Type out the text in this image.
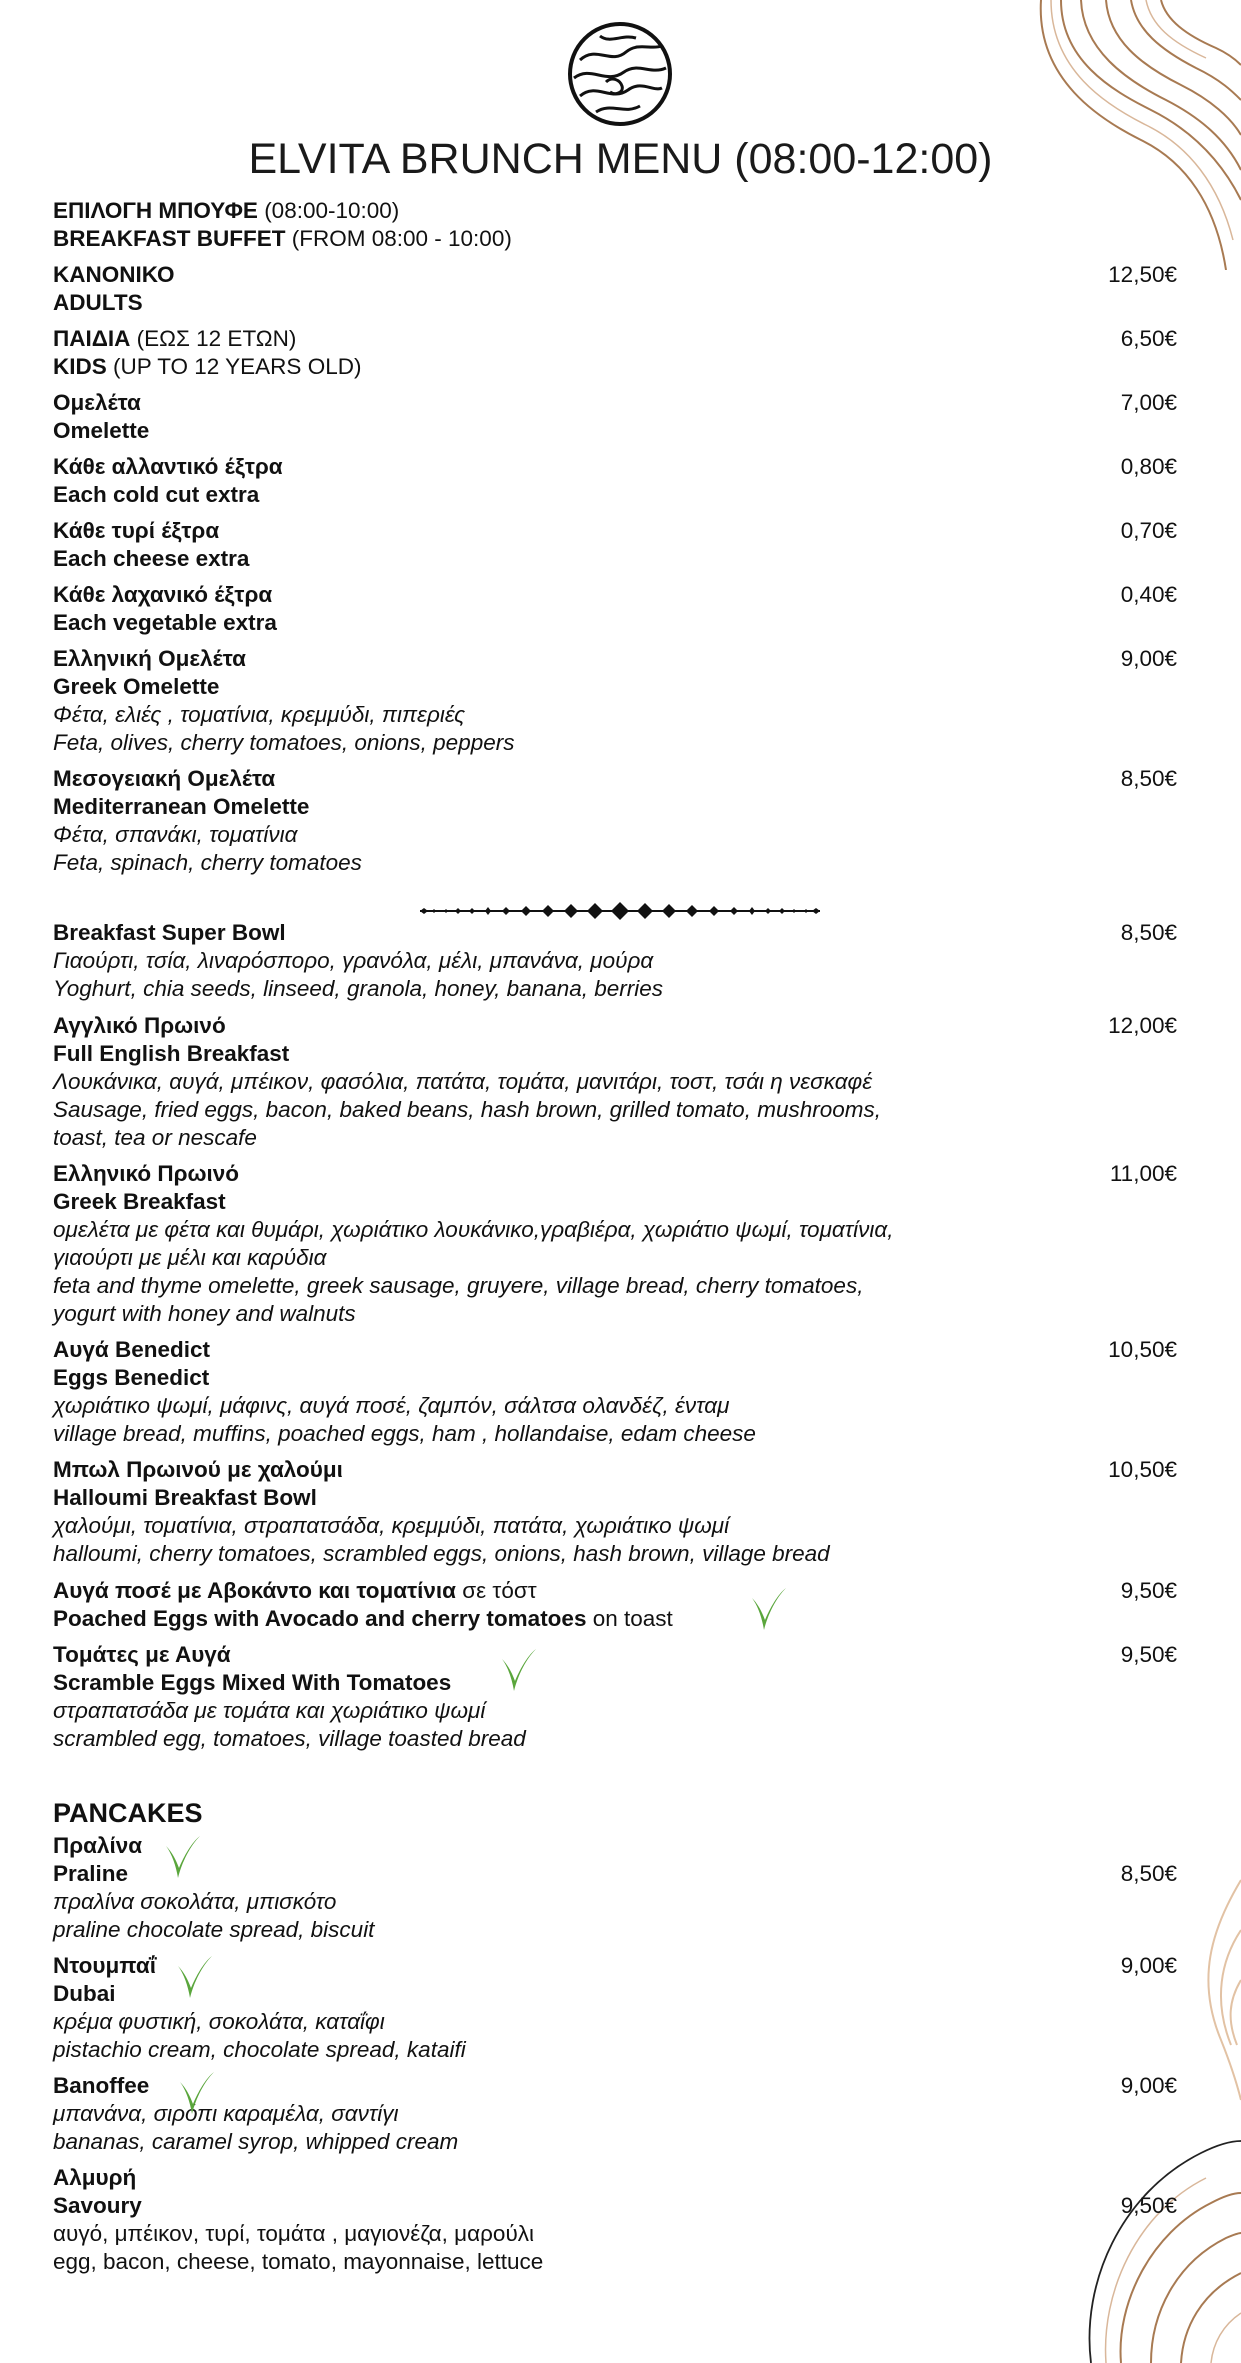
ELVITA BRUNCH MENU (08:00-12:00)
ΕΠΙΛΟΓΗ ΜΠΟΥΦΕ (08:00-10:00)
BREAKFAST BUFFET (FROM 08:00 - 10:00)
ΚΑΝΟΝΙΚΟ
ADULTS
12,50€
ΠΑΙΔΙΑ (ΕΩΣ 12 ΕΤΩΝ)
KIDS (UP TO 12 YEARS OLD)
6,50€
Ομελέτα
Omelette
7,00€
Κάθε αλλαντικό έξτρα
Each cold cut extra
0,80€
Κάθε τυρί έξτρα
Each cheese extra
0,70€
Κάθε λαχανικό έξτρα
Each vegetable extra
0,40€
Ελληνική Ομελέτα
Greek Omelette
Φέτα, ελιές , τοματίνια, κρεμμύδι, πιπεριές
Feta, olives, cherry tomatoes, onions, peppers
9,00€
Μεσογειακή Ομελέτα
Mediterranean Omelette
Φέτα, σπανάκι, τοματίνια
Feta, spinach, cherry tomatoes
8,50€
Breakfast Super Bowl
Γιαούρτι, τσία, λιναρόσπορο, γρανόλα, μέλι, μπανάνα, μούρα
Yoghurt, chia seeds, linseed, granola, honey, banana, berries
8,50€
Αγγλικό Πρωινό
Full English Breakfast
Λουκάνικα, αυγά, μπέικον, φασόλια, πατάτα, τομάτα, μανιτάρι, τοστ, τσάι η νεσκαφέ
Sausage, fried eggs, bacon, baked beans, hash brown, grilled tomato, mushrooms,
toast, tea or nescafe
12,00€
Ελληνικό Πρωινό
Greek Breakfast
ομελέτα με φέτα και θυμάρι, χωριάτικο λουκάνικο,γραβιέρα, χωριάτιο ψωμί, τοματίνια,
γιαούρτι με μέλι και καρύδια
feta and thyme omelette, greek sausage, gruyere, village bread, cherry tomatoes,
yogurt with honey and walnuts
11,00€
Αυγά Benedict
Eggs Benedict
χωριάτικο ψωμί, μάφινς, αυγά ποσέ, ζαμπόν, σάλτσα ολανδέζ, ένταμ
village bread, muffins, poached eggs, ham , hollandaise, edam cheese
10,50€
Μπωλ Πρωινού με χαλούμι
Halloumi Breakfast Bowl
χαλούμι, τοματίνια, στραπατσάδα, κρεμμύδι, πατάτα, χωριάτικο ψωμί
halloumi, cherry tomatoes, scrambled eggs, onions, hash brown, village bread
10,50€
Αυγά ποσέ με Αβοκάντο και τοματίνια σε τόστ
Poached Eggs with Avocado and cherry tomatoes on toast
9,50€
Τομάτες με Αυγά
Scramble Eggs Mixed With Tomatoes
στραπατσάδα με τομάτα και χωριάτικο ψωμί
scrambled egg, tomatoes, village toasted bread
9,50€
PANCAKES
Πραλίνα
Praline
πραλίνα σοκολάτα, μπισκότο
praline chocolate spread, biscuit
8,50€
Ντουμπαΐ
Dubai
κρέμα φυστική, σοκολάτα, καταΐφι
pistachio cream, chocolate spread, kataifi
9,00€
Banoffee
μπανάνα, σιρόπι καραμέλα, σαντίγι
bananas, caramel syrop, whipped cream
9,00€
Αλμυρή
Savoury
αυγό, μπέικον, τυρί, τομάτα , μαγιονέζα, μαρούλι
egg, bacon, cheese, tomato, mayonnaise, lettuce
9,50€
